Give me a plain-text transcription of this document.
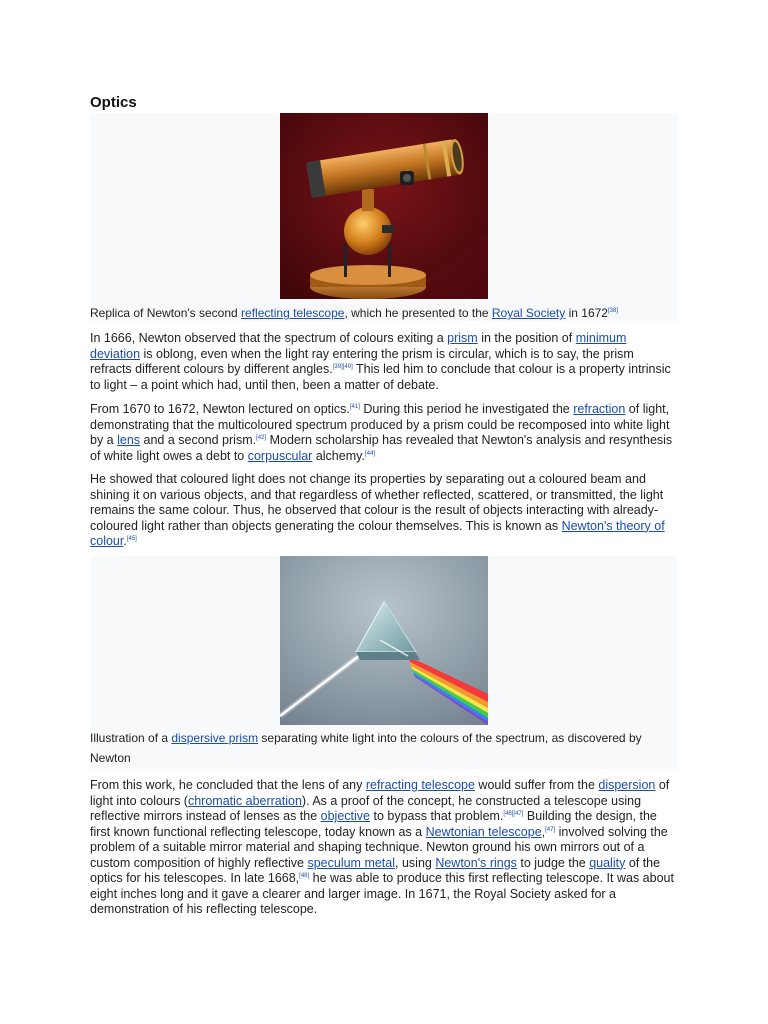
Optics
Replica of Newton's second reflecting telescope, which he presented to the Royal Society in 1672[38]

In 1666, Newton observed that the spectrum of colours exiting a prism in the position of minimum deviation is oblong, even when the light ray entering the prism is circular, which is to say, the prism refracts different colours by different angles.[39][40] This led him to conclude that colour is a property intrinsic to light – a point which had, until then, been a matter of debate.

From 1670 to 1672, Newton lectured on optics.[41] During this period he investigated the refraction of light, demonstrating that the multicoloured spectrum produced by a prism could be recomposed into white light by a lens and a second prism.[42] Modern scholarship has revealed that Newton's analysis and resynthesis of white light owes a debt to corpuscular alchemy.[44]

He showed that coloured light does not change its properties by separating out a coloured beam and shining it on various objects, and that regardless of whether reflected, scattered, or transmitted, the light remains the same colour. Thus, he observed that colour is the result of objects interacting with already-coloured light rather than objects generating the colour themselves. This is known as Newton's theory of colour.[45]

Illustration of a dispersive prism separating white light into the colours of the spectrum, as discovered by Newton

From this work, he concluded that the lens of any refracting telescope would suffer from the dispersion of light into colours (chromatic aberration). As a proof of the concept, he constructed a telescope using reflective mirrors instead of lenses as the objective to bypass that problem.[46][47] Building the design, the first known functional reflecting telescope, today known as a Newtonian telescope,[47] involved solving the problem of a suitable mirror material and shaping technique. Newton ground his own mirrors out of a custom composition of highly reflective speculum metal, using Newton's rings to judge the quality of the optics for his telescopes. In late 1668,[48] he was able to produce this first reflecting telescope. It was about eight inches long and it gave a clearer and larger image. In 1671, the Royal Society asked for a demonstration of his reflecting telescope.
